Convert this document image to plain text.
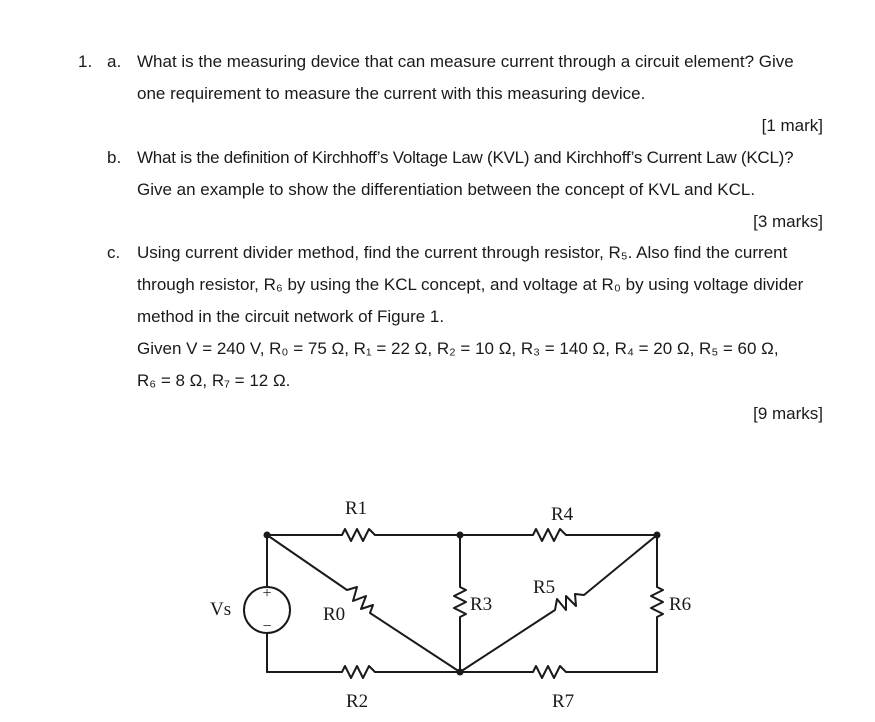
1. a. What is the measuring device that can measure current through a circuit element? Give
one requirement to measure the current with this measuring device.
[1 mark]
b. What is the definition of Kirchhoff’s Voltage Law (KVL) and Kirchhoff’s Current Law (KCL)?
Give an example to show the differentiation between the concept of KVL and KCL.
[3 marks]
c. Using current divider method, find the current through resistor, R₅. Also find the current
through resistor, R₆ by using the KCL concept, and voltage at R₀ by using voltage divider
method in the circuit network of Figure 1.
Given V = 240 V, R₀ = 75 Ω, R₁ = 22 Ω, R₂ = 10 Ω, R₃ = 140 Ω, R₄ = 20 Ω, R₅ = 60 Ω,
R₆ = 8 Ω, R₇ = 12 Ω.
[9 marks]
+
−
Vs
R1	R4
R5
R3	R6
R0
R2	R7
